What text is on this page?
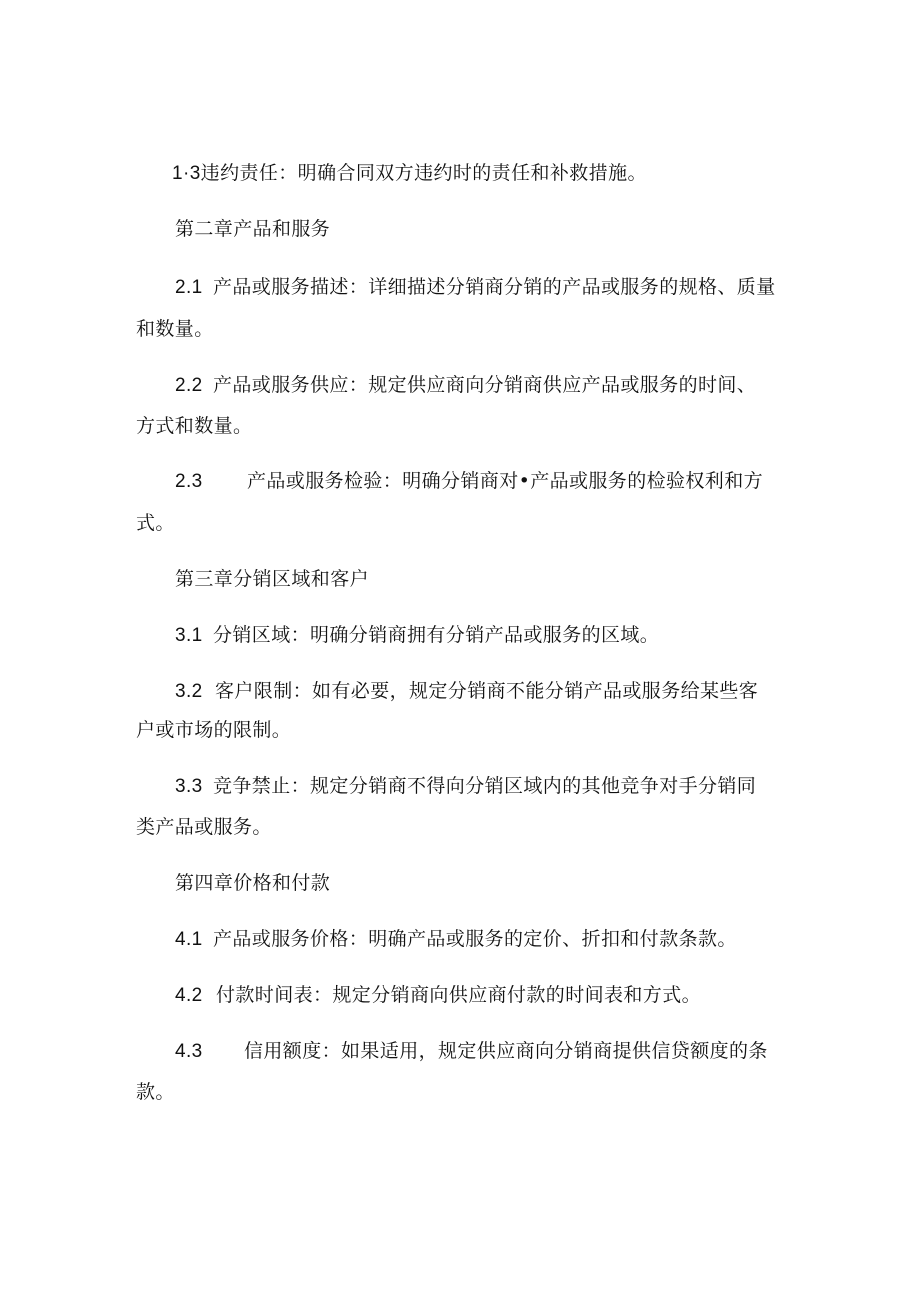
1·3违约责任：明确合同双方违约时的责任和补救措施。
第二章产品和服务
2.1 产品或服务描述：详细描述分销商分销的产品或服务的规格、质量
和数量。
2.2 产品或服务供应：规定供应商向分销商供应产品或服务的时间、
方式和数量。
2.3 产品或服务检验：明确分销商对•产品或服务的检验权利和方
式。
第三章分销区域和客户
3.1 分销区域：明确分销商拥有分销产品或服务的区域。
3.2 客户限制：如有必要，规定分销商不能分销产品或服务给某些客
户或市场的限制。
3.3 竞争禁止：规定分销商不得向分销区域内的其他竞争对手分销同
类产品或服务。
第四章价格和付款
4.1 产品或服务价格：明确产品或服务的定价、折扣和付款条款。
4.2 付款时间表：规定分销商向供应商付款的时间表和方式。
4.3 信用额度：如果适用，规定供应商向分销商提供信贷额度的条
款。
